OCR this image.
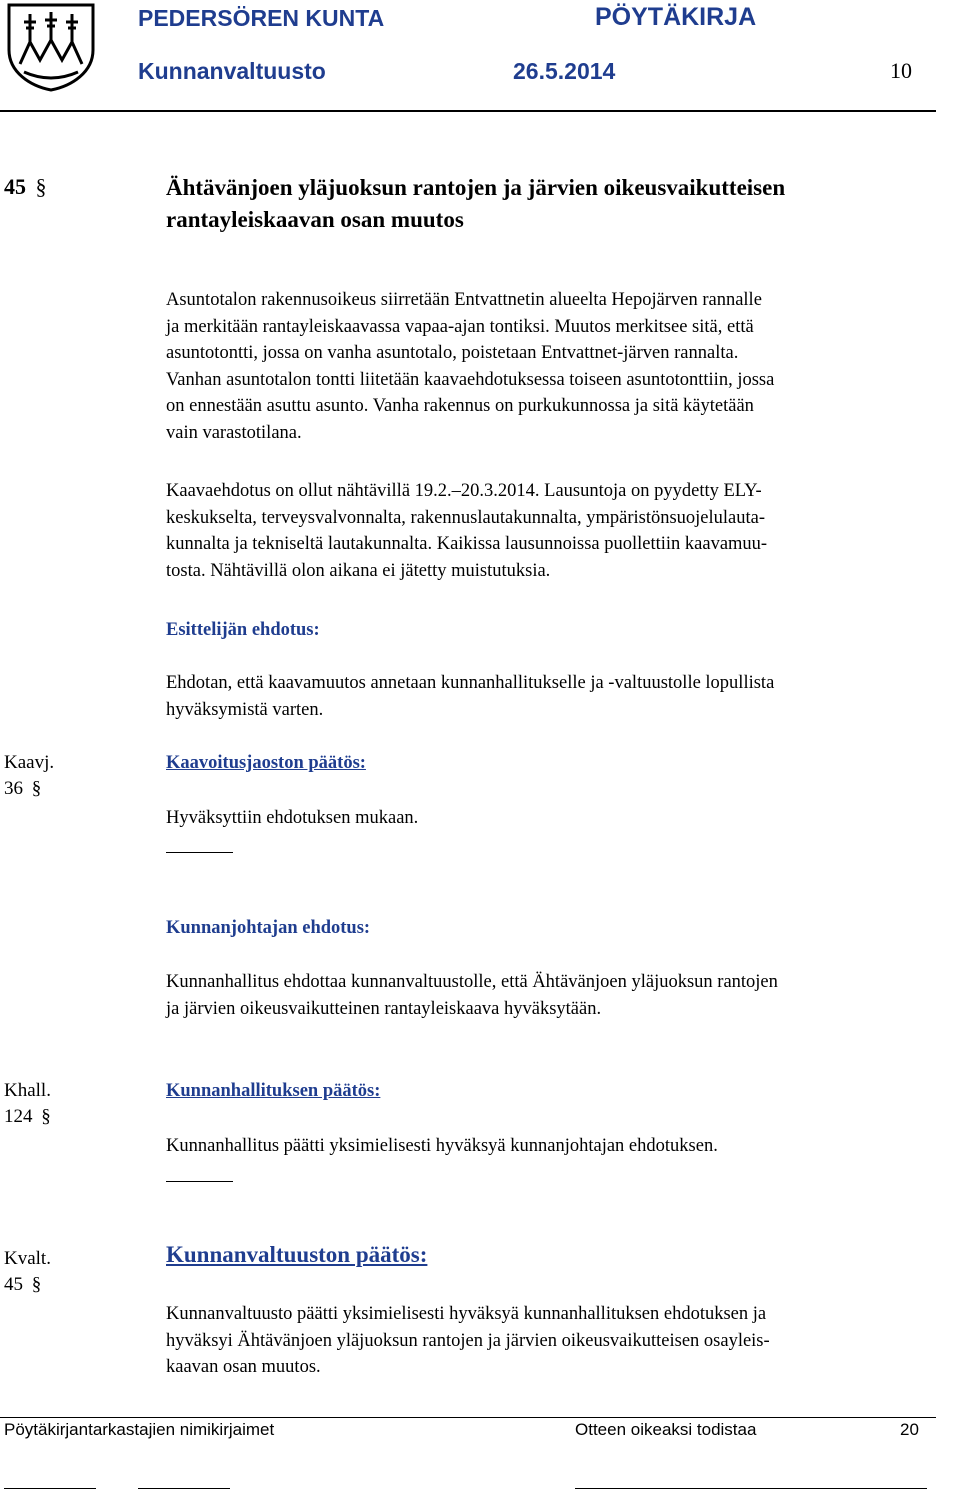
PEDERSÖREN KUNTA	PÖYTÄKIRJA
Kunnanvaltuusto	26.5.2014	10
45 §	Ähtävänjoen yläjuoksun rantojen ja järvien oikeusvaikutteisen
rantayleiskaavan osan muutos
Asuntotalon rakennusoikeus siirretään Entvattnetin alueelta Hepojärven rannalle
ja merkitään rantayleiskaavassa vapaa-ajan tontiksi. Muutos merkitsee sitä, että
asuntotontti, jossa on vanha asuntotalo, poistetaan Entvattnet-järven rannalta.
Vanhan asuntotalon tontti liitetään kaavaehdotuksessa toiseen asuntotonttiin, jossa
on ennestään asuttu asunto. Vanha rakennus on purkukunnossa ja sitä käytetään
vain varastotilana.
Kaavaehdotus on ollut nähtävillä 19.2.–20.3.2014. Lausuntoja on pyydetty ELY-
keskukselta, terveysvalvonnalta, rakennuslautakunnalta, ympäristönsuojelulauta-
kunnalta ja tekniseltä lautakunnalta. Kaikissa lausunnoissa puollettiin kaavamuu-
tosta. Nähtävillä olon aikana ei jätetty muistutuksia.
Esittelijän ehdotus:
Ehdotan, että kaavamuutos annetaan kunnanhallitukselle ja -valtuustolle lopullista
hyväksymistä varten.
Kaavj.
36 §
Kaavoitusjaoston päätös:
Hyväksyttiin ehdotuksen mukaan.
Kunnanjohtajan ehdotus:
Kunnanhallitus ehdottaa kunnanvaltuustolle, että Ähtävänjoen yläjuoksun rantojen
ja järvien oikeusvaikutteinen rantayleiskaava hyväksytään.
Khall.
124 §
Kunnanhallituksen päätös:
Kunnanhallitus päätti yksimielisesti hyväksyä kunnanjohtajan ehdotuksen.
Kvalt.
45 §
Kunnanvaltuuston päätös:
Kunnanvaltuusto päätti yksimielisesti hyväksyä kunnanhallituksen ehdotuksen ja
hyväksyi Ähtävänjoen yläjuoksun rantojen ja järvien oikeusvaikutteisen osayleis-
kaavan osan muutos.
Pöytäkirjantarkastajien nimikirjaimet	Otteen oikeaksi todistaa	20
